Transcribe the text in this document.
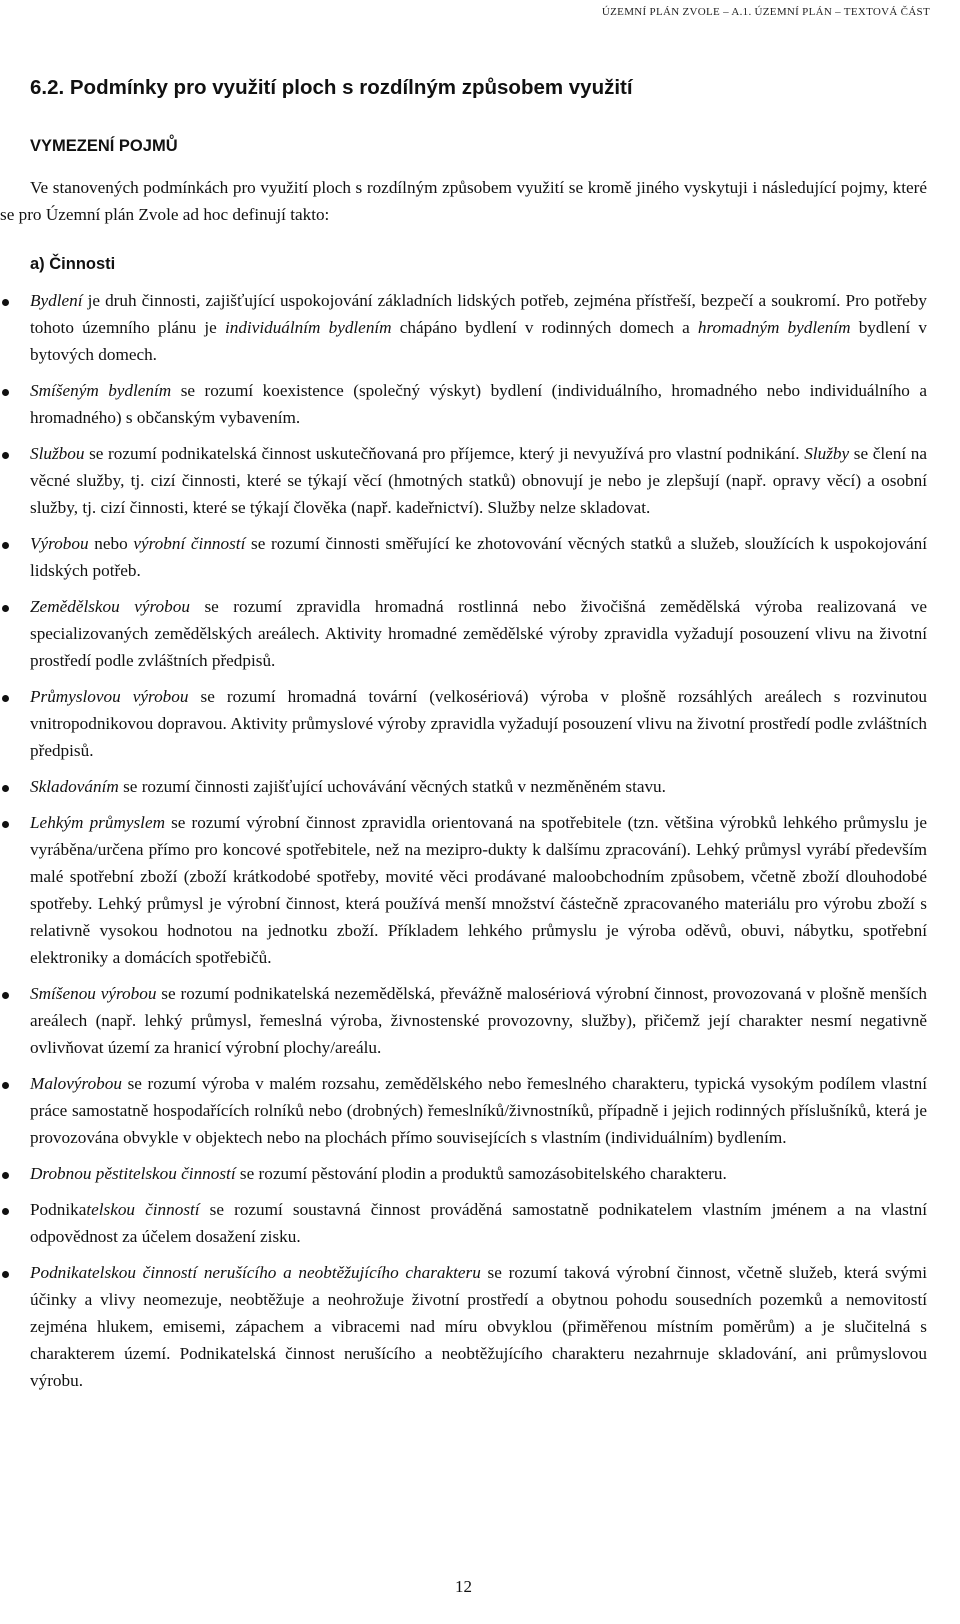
ÚZEMNÍ PLÁN ZVOLE – A.1. ÚZEMNÍ PLÁN – TEXTOVÁ ČÁST
6.2. Podmínky pro využití ploch s rozdílným způsobem využití
VYMEZENÍ POJMŮ

Ve stanovených podmínkách pro využití ploch s rozdílným způsobem využití se kromě jiného vyskytuji i následující pojmy, které se pro Územní plán Zvole ad hoc definují takto:

a) Činnosti
Bydlení je druh činnosti, zajišťující uspokojování základních lidských potřeb, zejména přístřeší, bezpečí a soukromí. Pro potřeby tohoto územního plánu je individuálním bydlením chápáno bydlení v rodinných domech a hromadným bydlením bydlení v bytových domech.
Smíšeným bydlením se rozumí koexistence (společný výskyt) bydlení (individuálního, hromadného nebo individuálního a hromadného) s občanským vybavením.
Službou se rozumí podnikatelská činnost uskutečňovaná pro příjemce, který ji nevyužívá pro vlastní podnikání. Služby se člení na věcné služby, tj. cizí činnosti, které se týkají věcí (hmotných statků) obnovují je nebo je zlepšují (např. opravy věcí) a osobní služby, tj. cizí činnosti, které se týkají člověka (např. kadeřnictví). Služby nelze skladovat.
Výrobou nebo výrobní činností se rozumí činnosti směřující ke zhotovování věcných statků a služeb, sloužících k uspokojování lidských potřeb.
Zemědělskou výrobou se rozumí zpravidla hromadná rostlinná nebo živočišná zemědělská výroba realizovaná ve specializovaných zemědělských areálech. Aktivity hromadné zemědělské výroby zpravidla vyžadují posouzení vlivu na životní prostředí podle zvláštních předpisů.
Průmyslovou výrobou se rozumí hromadná tovární (velkosériová) výroba v plošně rozsáhlých areálech s rozvinutou vnitropodnikovou dopravou. Aktivity průmyslové výroby zpravidla vyžadují posouzení vlivu na životní prostředí podle zvláštních předpisů.
Skladováním se rozumí činnosti zajišťující uchovávání věcných statků v nezměněném stavu.
Lehkým průmyslem se rozumí výrobní činnost zpravidla orientovaná na spotřebitele (tzn. většina výrobků lehkého průmyslu je vyráběna/určena přímo pro koncové spotřebitele, než na mezipro-dukty k dalšímu zpracování). Lehký průmysl vyrábí především malé spotřební zboží (zboží krátkodobé spotřeby, movité věci prodávané maloobchodním způsobem, včetně zboží dlouhodobé spotřeby. Lehký průmysl je výrobní činnost, která používá menší množství částečně zpracovaného materiálu pro výrobu zboží s relativně vysokou hodnotou na jednotku zboží. Příkladem lehkého průmyslu je výroba oděvů, obuvi, nábytku, spotřební elektroniky a domácích spotřebičů.
Smíšenou výrobou se rozumí podnikatelská nezemědělská, převážně malosériová výrobní činnost, provozovaná v plošně menších areálech (např. lehký průmysl, řemeslná výroba, živnostenské provozovny, služby), přičemž její charakter nesmí negativně ovlivňovat území za hranicí výrobní plochy/areálu.
Malovýrobou se rozumí výroba v malém rozsahu, zemědělského nebo řemeslného charakteru, typická vysokým podílem vlastní práce samostatně hospodařících rolníků nebo (drobných) řemeslníků/živnostníků, případně i jejich rodinných příslušníků, která je provozována obvykle v objektech nebo na plochách přímo souvisejících s vlastním (individuálním) bydlením.
Drobnou pěstitelskou činností se rozumí pěstování plodin a produktů samozásobitelského charakteru.
Podnikatelskou činností se rozumí soustavná činnost prováděná samostatně podnikatelem vlastním jménem a na vlastní odpovědnost za účelem dosažení zisku.
Podnikatelskou činností nerušícího a neobtěžujícího charakteru se rozumí taková výrobní činnost, včetně služeb, která svými účinky a vlivy neomezuje, neobtěžuje a neohrožuje životní prostředí a obytnou pohodu sousedních pozemků a nemovitostí zejména hlukem, emisemi, zápachem a vibracemi nad míru obvyklou (přiměřenou místním poměrům) a je slučitelná s charakterem území. Podnikatelská činnost nerušícího a neobtěžujícího charakteru nezahrnuje skladování, ani průmyslovou výrobu.
12
